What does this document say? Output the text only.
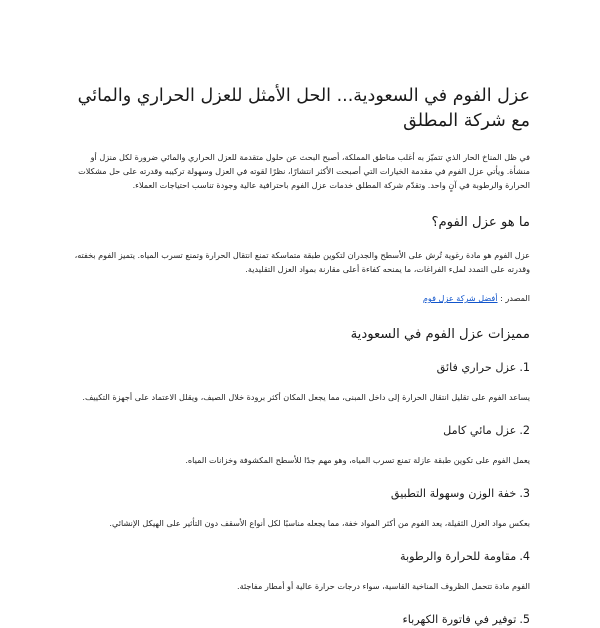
عزل الفوم في السعودية... الحل الأمثل للعزل الحراري والمائي مع شركة المطلق

في ظل المناخ الحار الذي تتميّز به أغلب مناطق المملكة، أصبح البحث عن حلول متقدمة للعزل الحراري والمائي ضرورة لكل منزل أو منشأة. ويأتي عزل الفوم في مقدمة الخيارات التي أصبحت الأكثر انتشارًا، نظرًا لقوته في العزل وسهولة تركيبه وقدرته على حل مشكلات الحرارة والرطوبة في آنٍ واحد. وتقدّم شركة المطلق خدمات عزل الفوم باحترافية عالية وجودة تناسب احتياجات العملاء.

ما هو عزل الفوم؟

عزل الفوم هو مادة رغوية تُرش على الأسطح والجدران لتكوين طبقة متماسكة تمنع انتقال الحرارة وتمنع تسرب المياه. يتميز الفوم بخفته، وقدرته على التمدد لملء الفراغات، ما يمنحه كفاءة أعلى مقارنة بمواد العزل التقليدية.

المصدر : أفضل شركة عزل فوم
مميزات عزل الفوم في السعودية
1.
عزل حراري فائق

يساعد الفوم على تقليل انتقال الحرارة إلى داخل المبنى، مما يجعل المكان أكثر برودة خلال الصيف، ويقلل الاعتماد على أجهزة التكييف.

2.
عزل مائي كامل

يعمل الفوم على تكوين طبقة عازلة تمنع تسرب المياه، وهو مهم جدًا للأسطح المكشوفة وخزانات المياه.

3.
خفة الوزن وسهولة التطبيق

بعكس مواد العزل الثقيلة، يعد الفوم من أكثر المواد خفة، مما يجعله مناسبًا لكل أنواع الأسقف دون التأثير على الهيكل الإنشائي.

4.
مقاومة للحرارة والرطوبة

الفوم مادة تتحمل الظروف المناخية القاسية، سواء درجات حرارة عالية أو أمطار مفاجئة.

5.
توفير في فاتورة الكهرباء
